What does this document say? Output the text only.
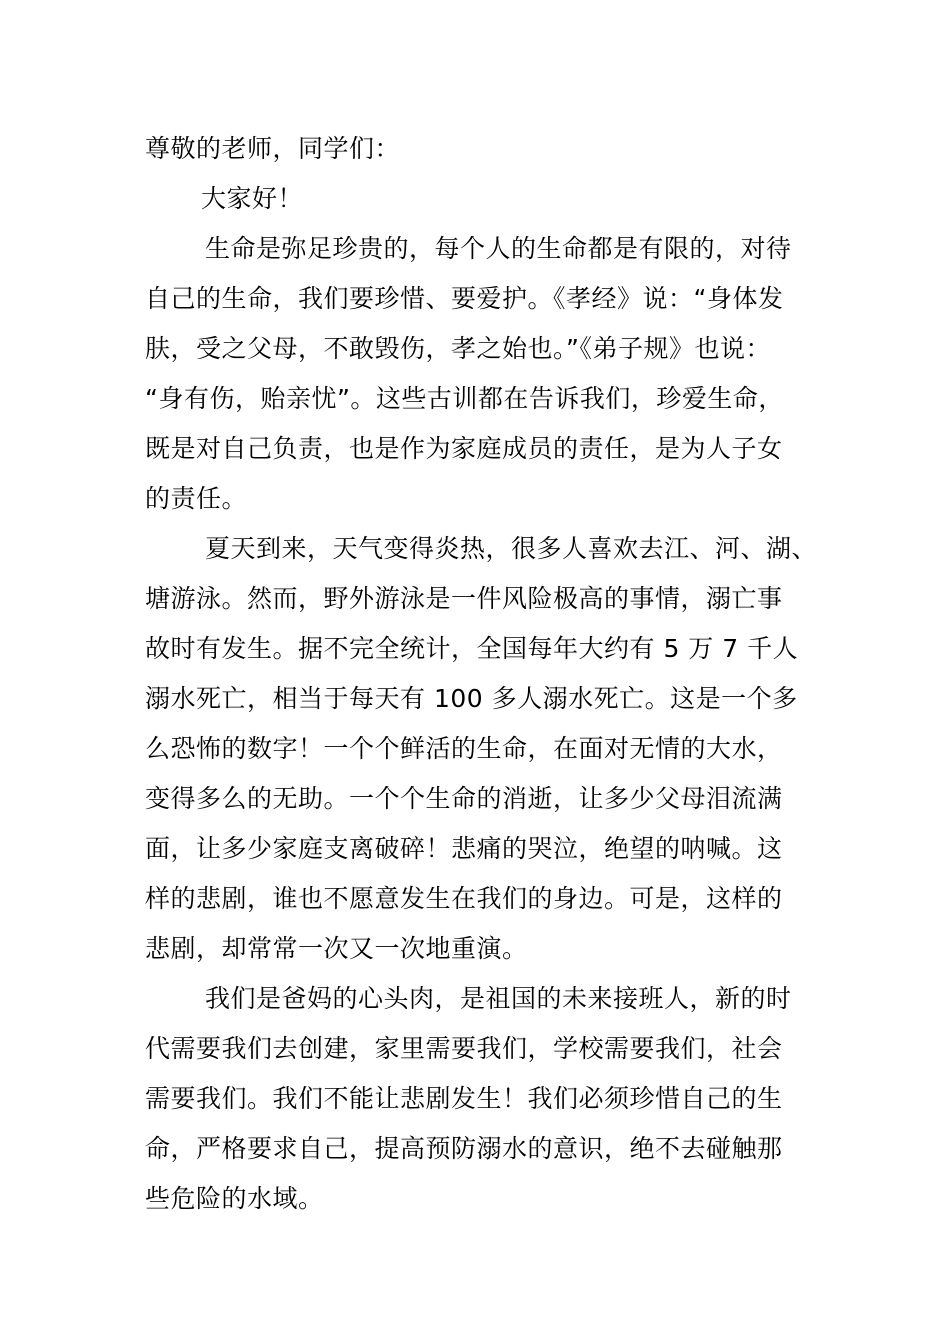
尊敬的老师，同学们：
大家好！
生命是弥足珍贵的，每个人的生命都是有限的，对待
自己的生命，我们要珍惜、要爱护。《孝经》说：“身体发
肤，受之父母，不敢毁伤，孝之始也。”《弟子规》也说：
“身有伤，贻亲忧”。这些古训都在告诉我们，珍爱生命，
既是对自己负责，也是作为家庭成员的责任，是为人子女
的责任。
夏天到来，天气变得炎热，很多人喜欢去江、河、湖、
塘游泳。然而，野外游泳是一件风险极高的事情，溺亡事
故时有发生。据不完全统计，全国每年大约有 5 万 7 千人
溺水死亡，相当于每天有 100 多人溺水死亡。这是一个多
么恐怖的数字！一个个鲜活的生命，在面对无情的大水，
变得多么的无助。一个个生命的消逝，让多少父母泪流满
面，让多少家庭支离破碎！悲痛的哭泣，绝望的呐喊。这
样的悲剧，谁也不愿意发生在我们的身边。可是，这样的
悲剧，却常常一次又一次地重演。
我们是爸妈的心头肉，是祖国的未来接班人，新的时
代需要我们去创建，家里需要我们，学校需要我们，社会
需要我们。我们不能让悲剧发生！我们必须珍惜自己的生
命，严格要求自己，提高预防溺水的意识，绝不去碰触那
些危险的水域。
